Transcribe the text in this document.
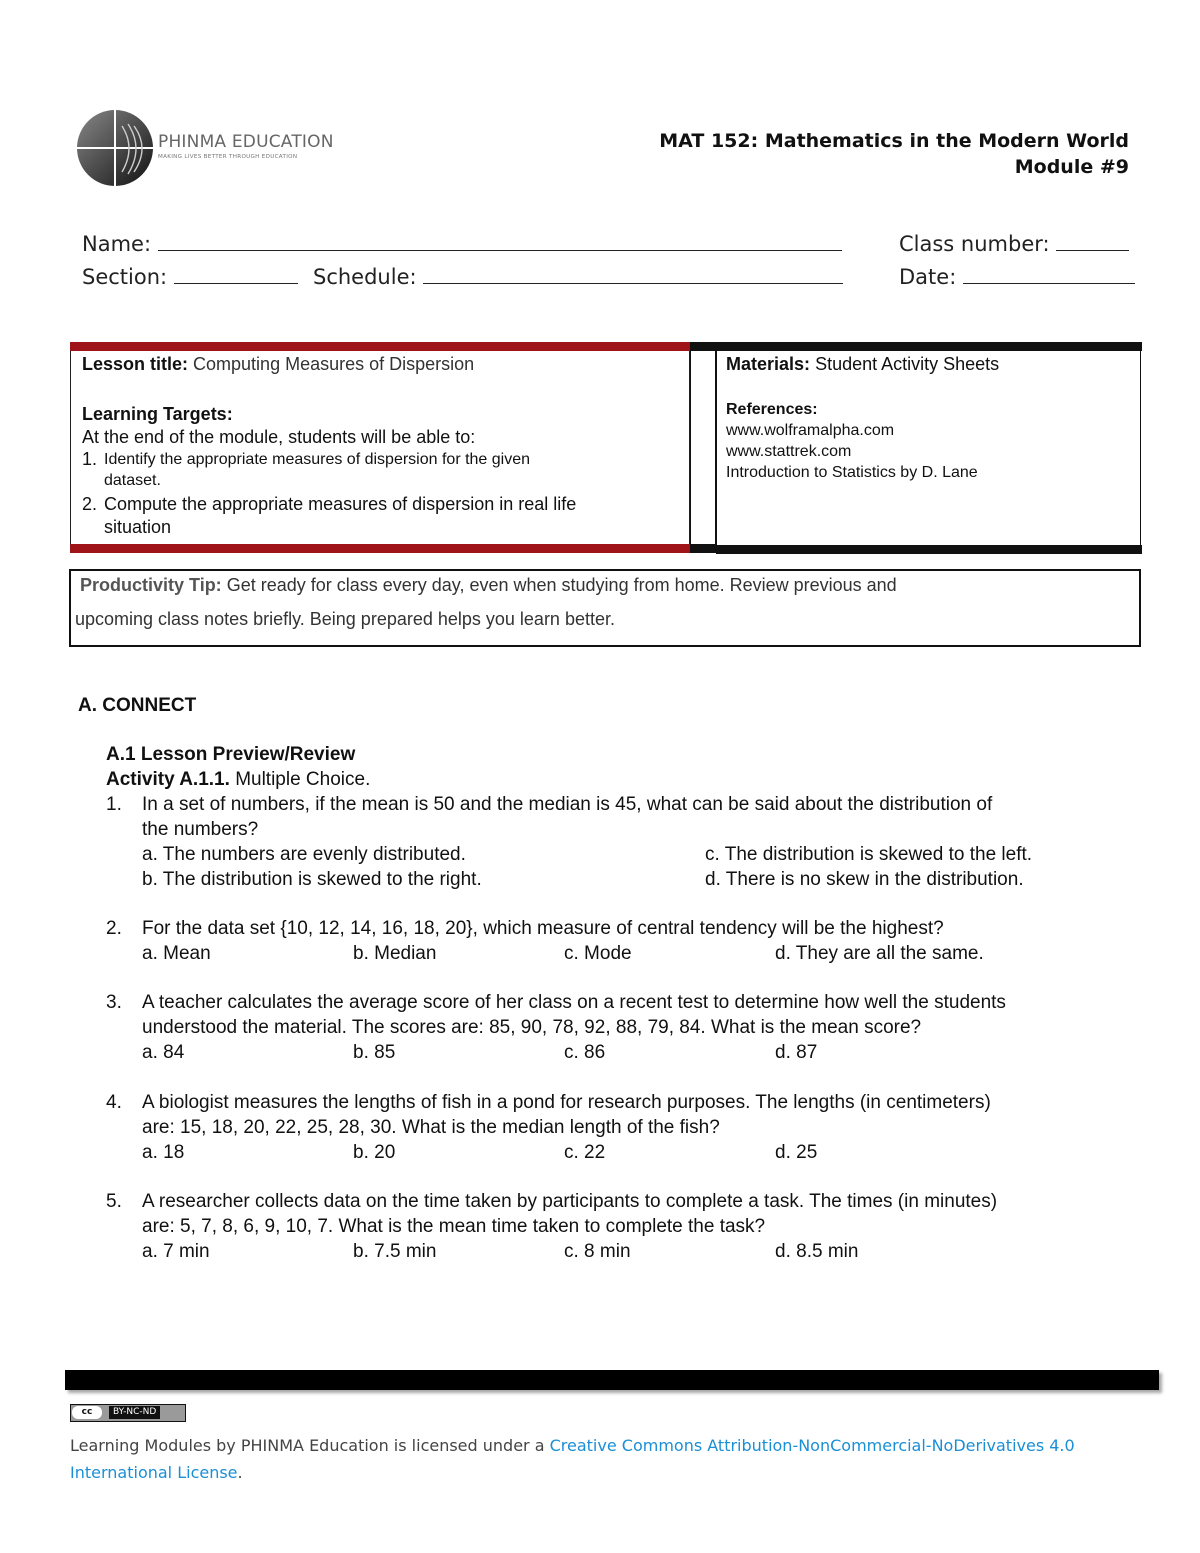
PHINMA EDUCATION
MAKING LIVES BETTER THROUGH EDUCATION
MAT 152: Mathematics in the Modern World
Module #9
Name:	Class number:
Section:	Schedule:	Date:
Lesson title: Computing Measures of Dispersion
Learning Targets:
At the end of the module, students will be able to:
1. Identify the appropriate measures of dispersion for the given
dataset.
2. Compute the appropriate measures of dispersion in real life
situation
Materials: Student Activity Sheets
References:
www.wolframalpha.com
www.stattrek.com
Introduction to Statistics by D. Lane
Productivity Tip: Get ready for class every day, even when studying from home. Review previous and
upcoming class notes briefly. Being prepared helps you learn better.
A. CONNECT
A.1 Lesson Preview/Review
Activity A.1.1. Multiple Choice.
1. In a set of numbers, if the mean is 50 and the median is 45, what can be said about the distribution of
the numbers?
a. The numbers are evenly distributed.
b. The distribution is skewed to the right.
c. The distribution is skewed to the left.
d. There is no skew in the distribution.
2. For the data set {10, 12, 14, 16, 18, 20}, which measure of central tendency will be the highest?
a. Mean	b. Median	c. Mode	d. They are all the same.
3. A teacher calculates the average score of her class on a recent test to determine how well the students
understood the material. The scores are: 85, 90, 78, 92, 88, 79, 84. What is the mean score?
a. 84	b. 85	c. 86	d. 87
4. A biologist measures the lengths of fish in a pond for research purposes. The lengths (in centimeters)
are: 15, 18, 20, 22, 25, 28, 30. What is the median length of the fish?
a. 18	b. 20	c. 22	d. 25
5. A researcher collects data on the time taken by participants to complete a task. The times (in minutes)
are: 5, 7, 8, 6, 9, 10, 7. What is the mean time taken to complete the task?
a. 7 min	b. 7.5 min	c. 8 min	d. 8.5 min
cc	BY-NC-ND
Learning Modules by PHINMA Education is licensed under a Creative Commons Attribution-NonCommercial-NoDerivatives 4.0
International License.
